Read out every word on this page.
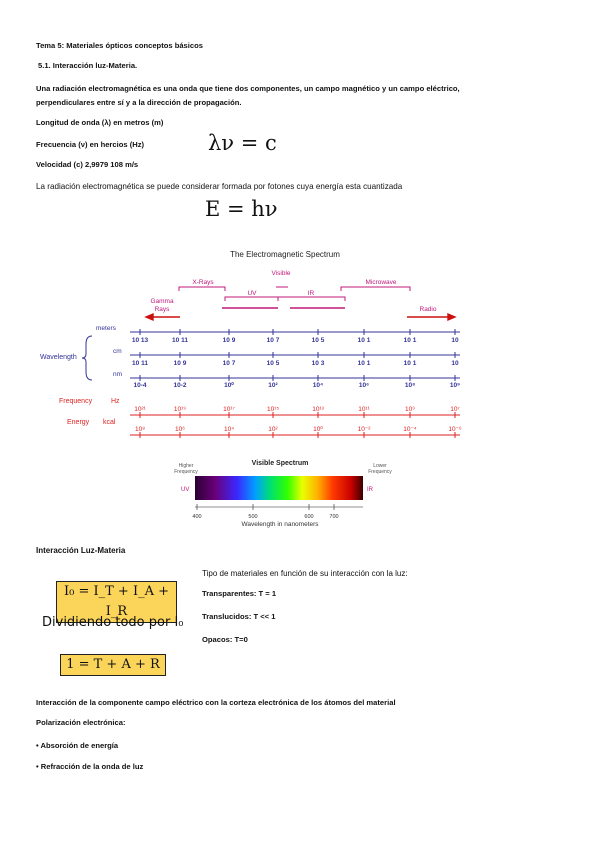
Tema 5: Materiales ópticos conceptos básicos
5.1. Interacción luz-Materia.
Una radiación electromagnética es una onda que tiene dos componentes, un campo magnético y un campo eléctrico,
perpendiculares entre sí y a la dirección de propagación.
Longitud de onda (λ) en metros (m)
Frecuencia (ν) en hercios (Hz)	λν = c
Velocidad (c) 2,9979 108 m/s
La radiación electromagnética se puede considerar formada por fotones cuya energía esta cuantizada
E = hν
The Electromagnetic Spectrum
X-Rays
Visible
Microwave
Gamma
Rays
UV	IR
Radio
meters
cm
nm
Wavelength
Frequency	Hz
Energy kcal
10 13	10 11	10 9	10 7	10 5	10 1	10 1	10
10 11	10 9	10 7	10 5	10 3	10 1	10 1	10
10-4	10-2	10⁰	10²	10⁴	10⁶	10⁸	10⁹
10²¹	10¹⁹	10¹⁷	10¹⁵	10¹³	10¹¹	10⁹	10⁷
10⁸	10⁶	10⁴	10²	10⁰	10⁻²	10⁻⁴	10⁻⁶
Visible Spectrum
Higher
Frequency
Lower
Frequency
UV	IR
400	500	600	700
Wavelength in nanometers
Interacción Luz-Materia
I₀ = I_T + I_A + I_R
Dividiendo todo por I₀
1 = T + A + R
Tipo de materiales en función de su interacción con la luz:
Transparentes: T = 1
Translucidos: T << 1
Opacos: T=0
Interacción de la componente campo eléctrico con la corteza electrónica de los átomos del material
Polarización electrónica:
• Absorción de energía
• Refracción de la onda de luz
